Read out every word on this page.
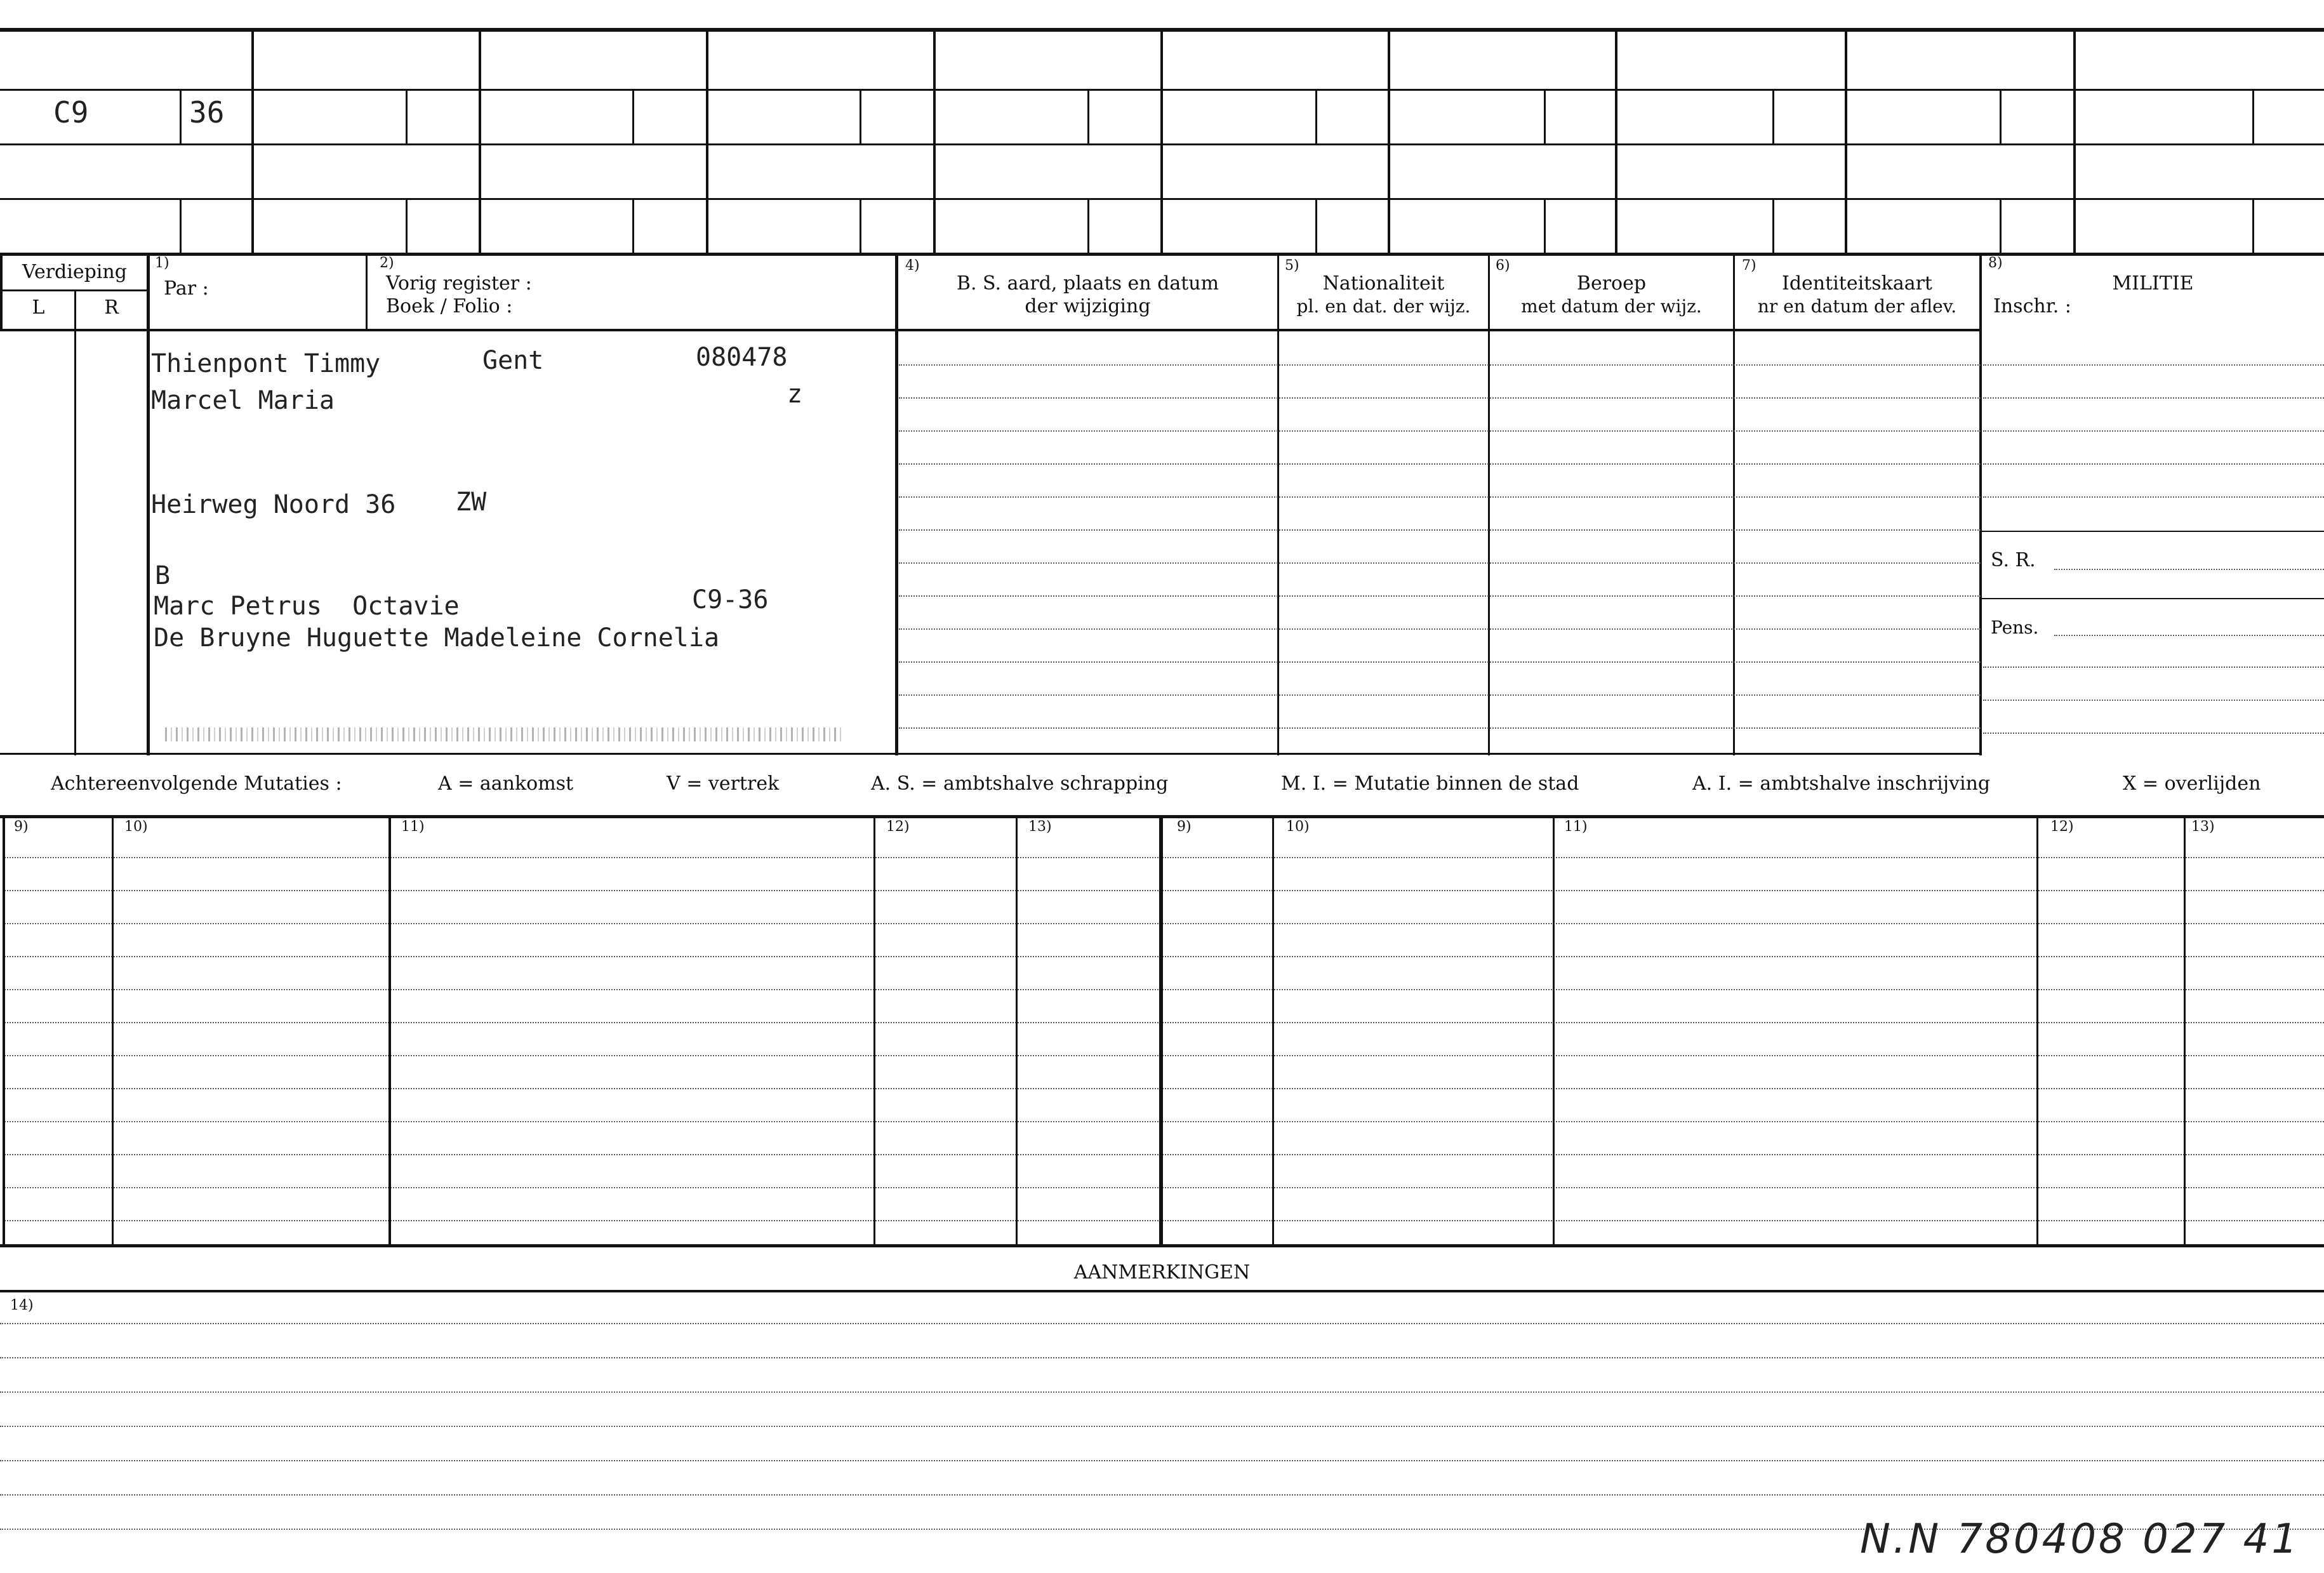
C9	36
Verdieping
L	R
1)
Par :
2)
Vorig register :
Boek / Folio :
4)
B. S. aard, plaats en datum
der wijziging
5)
Nationaliteit
pl. en dat. der wijz.
6)
Beroep
met datum der wijz.
7)
Identiteitskaart
nr en datum der aflev.
8)
MILITIE
Inschr. :
S. R.
Pens.
Thienpont Timmy	Gent	080478
z
Marcel Maria
Heirweg Noord 36 ZW
B
Marc Petrus  Octavie	C9-36
De Bruyne Huguette Madeleine Cornelia
Achtereenvolgende Mutaties :	A = aankomst	V = vertrek	A. S. = ambtshalve schrapping	M. I. = Mutatie binnen de stad	A. I. = ambtshalve inschrijving	X = overlijden
9)	10)	11)	12)	13)	9)	10)	11)	12)	13)
AANMERKINGEN
14)
N.N 780408 027 41
